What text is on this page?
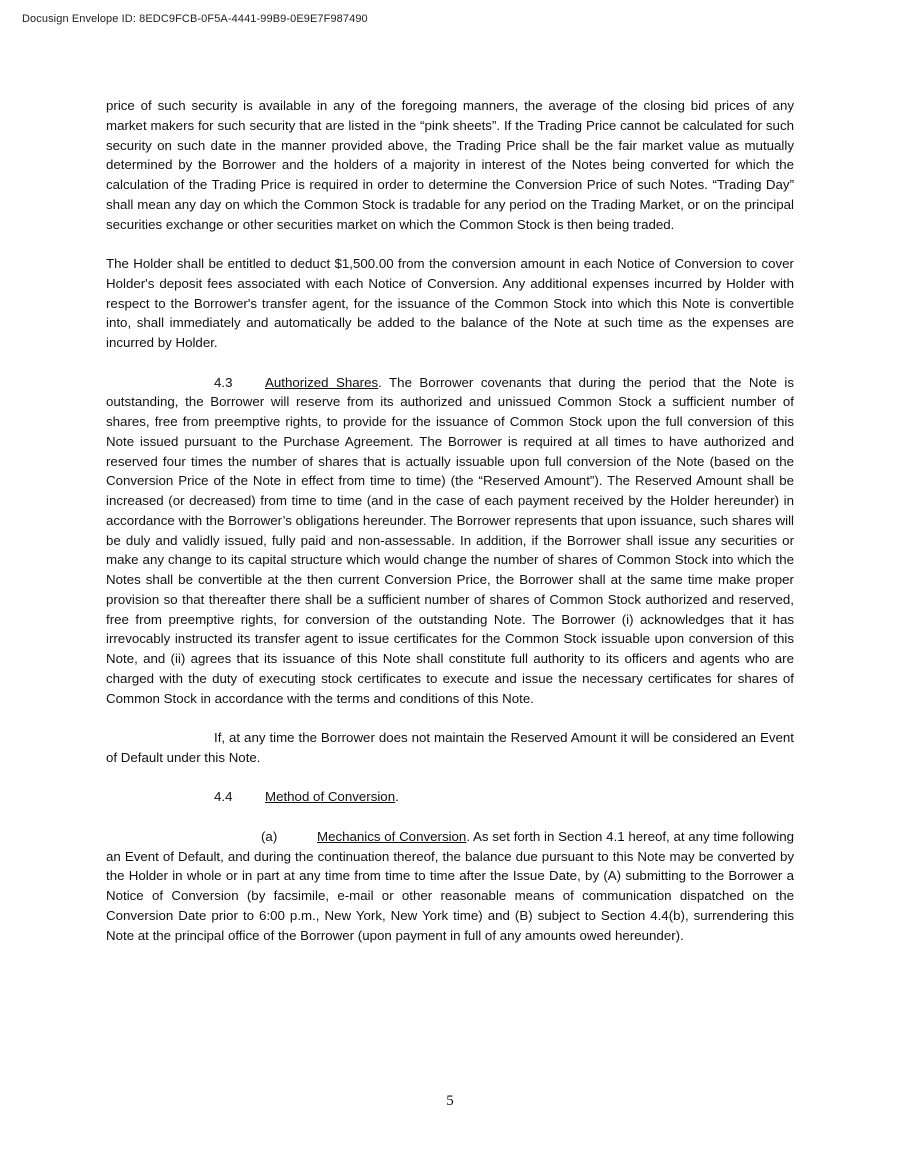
Docusign Envelope ID: 8EDC9FCB-0F5A-4441-99B9-0E9E7F987490

price of such security is available in any of the foregoing manners, the average of the closing bid prices of any market makers for such security that are listed in the “pink sheets”. If the Trading Price cannot be calculated for such security on such date in the manner provided above, the Trading Price shall be the fair market value as mutually determined by the Borrower and the holders of a majority in interest of the Notes being converted for which the calculation of the Trading Price is required in order to determine the Conversion Price of such Notes. “Trading Day” shall mean any day on which the Common Stock is tradable for any period on the Trading Market, or on the principal securities exchange or other securities market on which the Common Stock is then being traded.

The Holder shall be entitled to deduct $1,500.00 from the conversion amount in each Notice of Conversion to cover Holder's deposit fees associated with each Notice of Conversion. Any additional expenses incurred by Holder with respect to the Borrower's transfer agent, for the issuance of the Common Stock into which this Note is convertible into, shall immediately and automatically be added to the balance of the Note at such time as the expenses are incurred by Holder.

4.3 Authorized Shares. The Borrower covenants that during the period that the Note is outstanding, the Borrower will reserve from its authorized and unissued Common Stock a sufficient number of shares, free from preemptive rights, to provide for the issuance of Common Stock upon the full conversion of this Note issued pursuant to the Purchase Agreement. The Borrower is required at all times to have authorized and reserved four times the number of shares that is actually issuable upon full conversion of the Note (based on the Conversion Price of the Note in effect from time to time) (the “Reserved Amount”). The Reserved Amount shall be increased (or decreased) from time to time (and in the case of each payment received by the Holder hereunder) in accordance with the Borrower’s obligations hereunder. The Borrower represents that upon issuance, such shares will be duly and validly issued, fully paid and non-assessable. In addition, if the Borrower shall issue any securities or make any change to its capital structure which would change the number of shares of Common Stock into which the Notes shall be convertible at the then current Conversion Price, the Borrower shall at the same time make proper provision so that thereafter there shall be a sufficient number of shares of Common Stock authorized and reserved, free from preemptive rights, for conversion of the outstanding Note. The Borrower (i) acknowledges that it has irrevocably instructed its transfer agent to issue certificates for the Common Stock issuable upon conversion of this Note, and (ii) agrees that its issuance of this Note shall constitute full authority to its officers and agents who are charged with the duty of executing stock certificates to execute and issue the necessary certificates for shares of Common Stock in accordance with the terms and conditions of this Note.

If, at any time the Borrower does not maintain the Reserved Amount it will be considered an Event of Default under this Note.

4.4 Method of Conversion.

(a)	Mechanics of Conversion. As set forth in Section 4.1 hereof, at any time following an Event of Default, and during the continuation thereof, the balance due pursuant to this Note may be converted by the Holder in whole or in part at any time from time to time after the Issue Date, by (A) submitting to the Borrower a Notice of Conversion (by facsimile, e-mail or other reasonable means of communication dispatched on the Conversion Date prior to 6:00 p.m., New York, New York time) and (B) subject to Section 4.4(b), surrendering this Note at the principal office of the Borrower (upon payment in full of any amounts owed hereunder).

5
